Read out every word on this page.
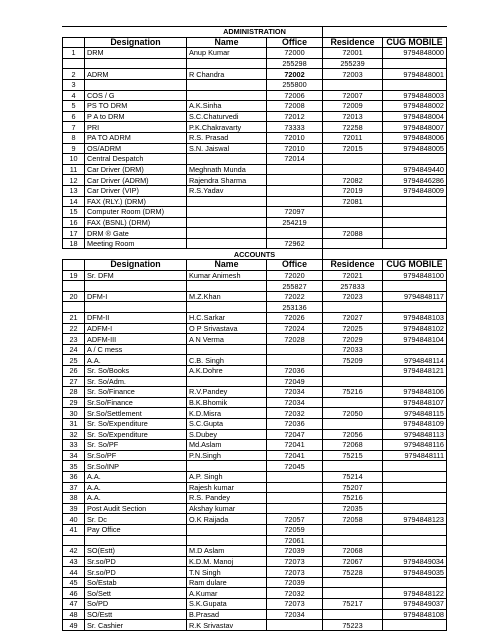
		ADMINISTRATION			
	Designation	Name	Office	Residence	CUG MOBILE
1	DRM	Anup Kumar	72000	72001	9794848000
			255298	255239	
2	ADRM	R Chandra	72002	72003	9794848001
3			255800		
4	COS / G		72006	72007	9794848003
5	PS TO DRM	A.K.Sinha	72008	72009	9794848002
6	P A to DRM	S.C.Chaturvedi	72012	72013	9794848004
7	PRI	P.K.Chakravarty	73333	72258	9794848007
8	PA TO ADRM	R.S. Prasad	72010	72011	9794848006
9	OS/ADRM	S.N. Jaiswal	72010	72015	9794848005
10	Central Despatch		72014		
11	Car Driver (DRM)	Meghnath Munda			9794849440
12	Car Driver (ADRM)	Rajendra Sharma		72082	9794846286
13	Car Driver (VIP)	R.S.Yadav		72019	9794848009
14	FAX (RLY.) (DRM)			72081	
15	Computer Room (DRM)		72097		
16	FAX (BSNL) (DRM)		254219		
17	DRM ® Gate			72088	
18	Meeting Room		72962		
		ACCOUNTS			
	Designation	Name	Office	Residence	CUG MOBILE
19	Sr. DFM	Kumar Animesh	72020	72021	9794848100
			255827	257833	
20	DFM-I	M.Z.Khan	72022	72023	9794848117
			253136		
21	DFM-II	H.C.Sarkar	72026	72027	9794848103
22	ADFM-I	O P Srivastava	72024	72025	9794848102
23	ADFM-III	A N Verma	72028	72029	9794848104
24	A / C mess			72033	
25	A.A.	C.B. Singh		75209	9794848114
26	Sr. So/Books	A.K.Dohre	72036		9794848121
27	Sr. So/Adm.		72049		
28	Sr. So/Finance	R.V.Pandey	72034	75216	9794848106
29	Sr.So/Finance	B.K.Bhomik	72034		9794848107
30	Sr.So/Settlement	K.D.Misra	72032	72050	9794848115
31	Sr. So/Expenditure	S.C.Gupta	72036		9794848109
32	Sr. So/Expenditure	S.Dubey	72047	72056	9794848113
33	Sr. So/PF	Md.Aslam	72041	72068	9794848116
34	Sr.So/PF	P.N.Singh	72041	75215	9794848111
35	Sr.So/INP		72045		
36	A.A.	A.P. Singh		75214	
37	A.A.	Rajesh kumar		75207	
38	A.A.	R.S. Pandey		75216	
39	Post Audit Section	Akshay kumar		72035	
40	Sr. Dc	O.K Raijada	72057	72058	9794848123
41	Pay Office		72059		
			72061		
42	SO(Estt)	M.D Aslam	72039	72068	
43	Sr.so/PD	K.D.M. Manoj	72073	72067	9794849034
44	Sr.so/PD	T.N Singh	72073	75228	9794849035
45	So/Estab	Ram dulare	72039		
46	So/Sett	A.Kumar	72032		9794848122
47	So/PD	S.K.Gupata	72073	75217	9794849037
48	SO/Estt	B.Prasad	72034		9794848108
49	Sr. Cashier	R.K Srivastav		75223	
